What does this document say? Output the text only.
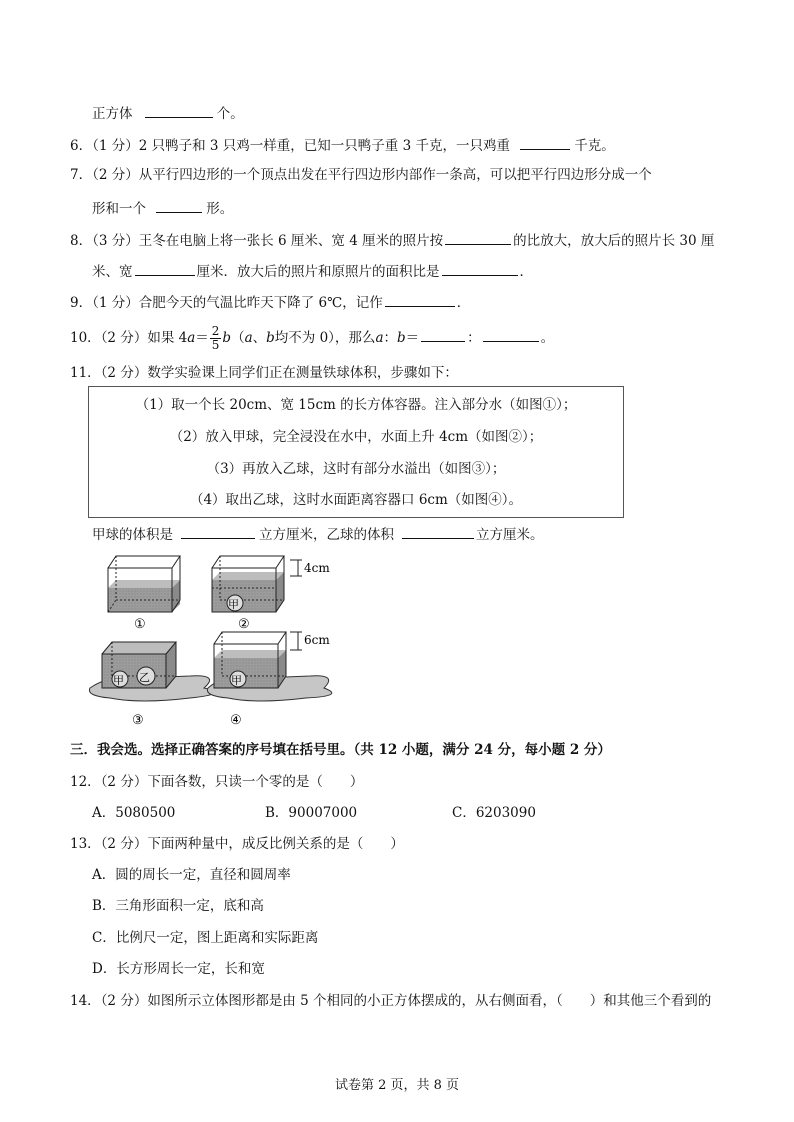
正方体	个。
6．（1 分）2 只鸭子和 3 只鸡一样重，已知一只鸭子重 3 千克，一只鸡重	千克。
7．（2 分）从平行四边形的一个顶点出发在平行四边形内部作一条高，可以把平行四边形分成一个
形和一个	形。
8．（3 分）王冬在电脑上将一张长 6 厘米、宽 4 厘米的照片按	的比放大，放大后的照片长 30 厘
米、宽	厘米．放大后的照片和原照片的面积比是	．
9．（1 分）合肥今天的气温比昨天下降了 6℃，记作	．
10．（2 分）如果 $4a= \frac{2}{5} b(a$、b均不为 0），那么a：b＝	：	。
11．（2 分）数学实验课上同学们正在测量铁球体积，步骤如下：
（1）取一个长 20cm、宽 15cm 的长方体容器。注入部分水（如图①）；
（2）放入甲球，完全浸没在水中，水面上升 4cm（如图②）；
（3）再放入乙球，这时有部分水溢出（如图③）；
（4）取出乙球，这时水面距离容器口 6cm（如图④）。
甲球的体积是	立方厘米，乙球的体积	立方厘米。
①
甲
4cm
②
甲 乙
③
甲
6cm
④
三．我会选。选择正确答案的序号填在括号里。（共 12 小题，满分 24 分，每小题 2 分）
12．（2 分）下面各数，只读一个零的是（　　）
A．5080500	B．90007000	C．6203090
13．（2 分）下面两种量中，成反比例关系的是（　　）
A．圆的周长一定，直径和圆周率
B．三角形面积一定，底和高
C．比例尺一定，图上距离和实际距离
D．长方形周长一定，长和宽
14．（2 分）如图所示立体图形都是由 5 个相同的小正方体摆成的，从右侧面看，（　　）和其他三个看到的
试卷第 2 页，共 8 页
